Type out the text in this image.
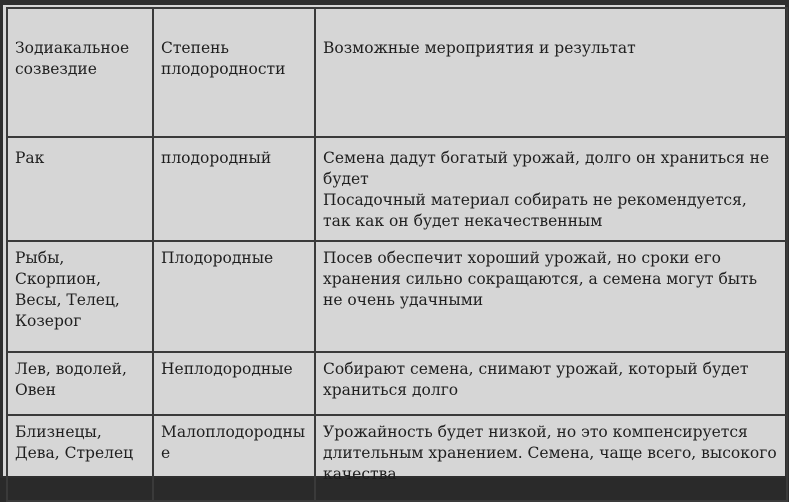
Зодиакальное созвездие	Степень плодородности	Возможные мероприятия и результат
Рак	плодородный	Семена дадут богатый урожай, долго он храниться не будет
Посадочный материал собирать не рекомендуется, так как он будет некачественным

Рыбы, Скорпион, Весы, Телец, Козерог	Плодородные	Посев обеспечит хороший урожай, но сроки его хранения сильно сокращаются, а семена могут быть не очень удачными

Лев, водолей, Овен	Неплодородные	Собирают семена, снимают урожай, который будет храниться долго

Близнецы, Дева, Стрелец	Малоплодородные	Урожайность будет низкой, но это компенсируется длительным хранением. Семена, чаще всего, высокого качества
